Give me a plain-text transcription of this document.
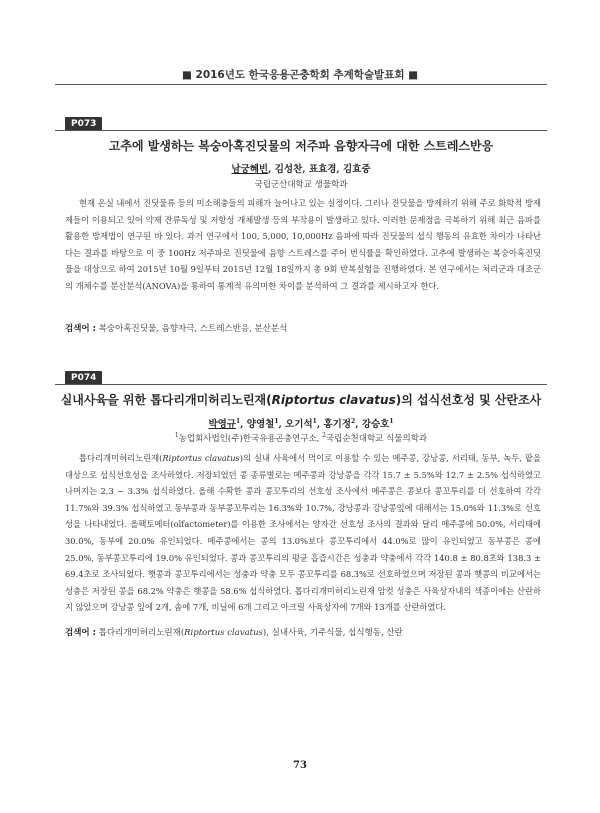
■ 2016년도 한국응용곤충학회 추계학술발표회 ■
P073
고추에 발생하는 복숭아혹진딧물의 저주파 음향자극에 대한 스트레스반응
남궁혜빈, 김성찬, 표효경, 김효중
국립군산대학교 생물학과

현재 온실 내에서 진딧물류 등의 미소해충들의 피해가 늘어나고 있는 실정이다. 그러나 진딧물을 방제하기 위해 주로 화학적 방제제들이 이용되고 있어 약제 잔류독성 및 저항성 개체발생 등의 부작용이 발생하고 있다. 이러한 문제점을 극복하기 위해 최근 음파를 활용한 방제법이 연구된 바 있다. 과거 연구에서 100, 5,000, 10,000Hz 음파에 따라 진딧물의 섭식 행동의 유효한 차이가 나타난다는 결과를 바탕으로 이 중 100Hz 저주파로 진딧물에 음향 스트레스를 주어 번식률을 확인하였다. 고추에 발생하는 복숭아혹진딧물을 대상으로 하여 2015년 10월 9일부터 2015년 12월 18일까지 총 9회 반복실험을 진행하였다. 본 연구에서는 처리군과 대조군의 개체수를 분산분석(ANOVA)을 통하여 통계적 유의미한 차이를 분석하여 그 결과를 제시하고자 한다.

검색어 : 복숭아혹진딧물, 음향자극, 스트레스반응, 분산분석
P074
실내사육을 위한 톱다리개미허리노린재(Riptortus clavatus)의 섭식선호성 및 산란조사
박영규$^1$, 양영철$^1$, 오기석$^1$, 홍기정$^2$, 강승호$^1$
$^1$농업회사법인(주)한국유용곤충연구소, $^2$국립순천대학교 식물의학과

톱다리개미허리노린재(Riptortus clavatus)의 실내 사육에서 먹이로 이용할 수 있는 메주콩, 강낭콩, 서리태, 동부, 녹두, 팥을 대상으로 섭식선호성을 조사하였다. 저장되었던 콩 종류별로는 메주콩과 강낭콩을 각각 15.7 ± 5.5%와 12.7 ± 2.5% 섭식하였고 나머지는 2.3 ~ 3.3% 섭식하였다. 올해 수확한 콩과 콩꼬투리의 선호성 조사에서 메주콩은 콩보다 콩꼬투리를 더 선호하여 각각 11.7%와 39.3% 섭식하였고 동부콩과 동부콩꼬투리는 16.3%와 10.7%, 강낭콩과 강낭콩잎에 대해서는 15.0%와 11.3%로 선호성을 나타내었다. 올팩토메터(olfactometer)를 이용한 조사에서는 양자간 선호성 조사의 결과와 달리 메주콩에 50.0%, 서리태에 30.0%, 동부에 20.0% 유인되었다. 메주콩에서는 콩의 13.0%보다 콩꼬투리에서 44.0%로 많이 유인되었고 동부콩은 콩에 25.0%, 동부콩꼬투리에 19.0% 유인되었다. 콩과 콩꼬투리의 평균 흡즙시간은 성충과 약충에서 각각 140.8 ± 80.8초와 138.3 ± 69.4초로 조사되었다. 햇콩과 콩꼬투리에서는 성충과 약충 모두 콩꼬투리를 68.3%로 선호하였으며 저장된 콩과 햇콩의 비교에서는 성충은 저장된 콩을 68.2% 약충은 햇콩을 58.6% 섭식하였다. 톱다리개미허리노린재 암컷 성충은 사육상자내의 색종이에는 산란하지 않았으며 강낭콩 잎에 2개, 솜에 7개, 비닐에 6개 그리고 아크릴 사육상자에 7개와 13개를 산란하였다.

검색어 : 톱다리개미허리노린재(Riptortus clavatus), 실내사육, 기주식물, 섭식행동, 산란
73
